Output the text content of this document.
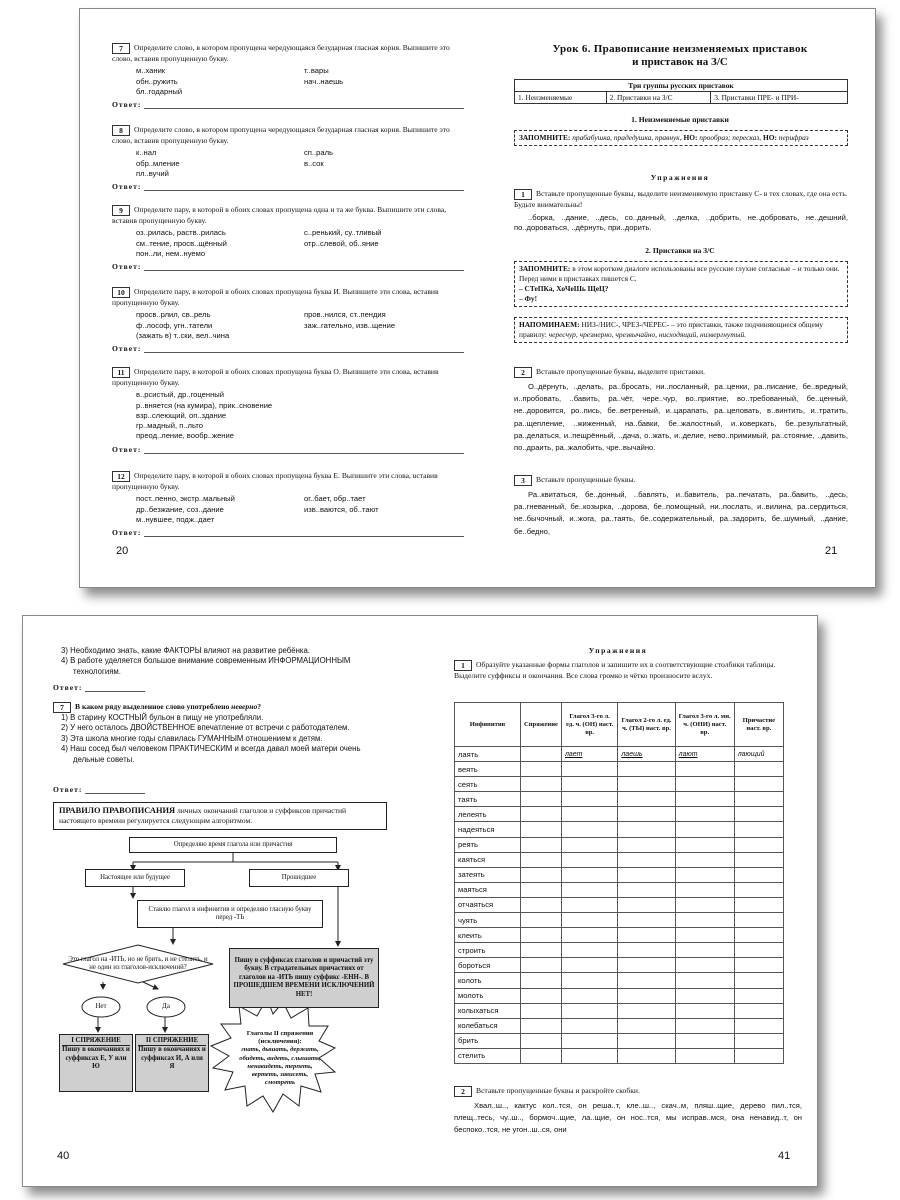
7 Определите слово, в котором пропущена чередующаяся безударная гласная корня. Выпишите это слово, вставив пропущенную букву.
м..ханик	т..вары
обн..ружить	нач..наешь
бл..годарный
Ответ:
8 Определите слово, в котором пропущена чередующаяся безударная гласная корня. Выпишите это слово, вставив пропущенную букву.
к..нал	сп..раль
обр..мление	в..сок
пл..вучий
Ответ:
9 Определите пару, в которой в обоих словах пропущена одна и та же буква. Выпишите эти слова, вставив пропущенную букву.
оз..рилась, раств..рилась	с..ренький, су..тливый
см..тение, просв..щённый	отр..слевой, об..яние
пон..ли, нем..нуемо
Ответ:
10 Определите пару, в которой в обоих словах пропущена буква И. Выпишите эти слова, вставив пропущенную букву.
просв..рлил, св..рель	пров..нился, ст..пендия
ф..лософ, угн..татели	заж..гательно, изв..щение
(зажать в) т..ски, вел..чина
Ответ:
11 Определите пару, в которой в обоих словах пропущена буква О. Выпишите эти слова, вставив пропущенную букву.
в..рсистый, др..гоценный
р..вняется (на кумира), прик..сновение
взр..слеющий, оп..здание
гр..мадный, п..льто
преод..ление, вообр..жение
Ответ:
12 Определите пару, в которой в обоих словах пропущена буква Е. Выпишите эти слова, вставив пропущенную букву.
пост..пенно, экстр..мальный	ог..бает, обр..тает
др..безжание, соз..дание	изв..ваются, об..тают
м..нувшее, подж..дает
Ответ:
20
Урок 6. Правописание неизменяемых приставок
и приставок на З/С
Три группы русских приставок
1. Неизменяемые	2. Приставки на З/С	3. Приставки ПРЕ- и ПРИ-
1. Неизменяемые приставки
ЗАПОМНИТЕ: прабабушка, прадедушка, правнук, НО: прообраз; пересказ, НО: перифраз
Упражнения
1 Вставьте пропущенные буквы, выделите неизменяемую приставку С- в тех словах, где она есть. Будьте внимательны!
..борка, ..дание, ..десь, со..данный, ..делка, ..добрить, не..добровать, не..дешний, по..дороваться, ..дёрнуть, при..дорить.
2. Приставки на З/С
ЗАПОМНИТЕ: в этом коротком диалоге использованы все русские глухие согласные – и только они. Перед ними в приставках пишется С.
– СТеПКа, ХоЧеШь ЩеЦ?
– Фу!
НАПОМИНАЕМ: НИЗ-/НИС-, ЧРЕЗ-/ЧЕРЕС- – это приставки, также подчиняющиеся общему правилу: чересчур, чрезмерно, чрезвычайно, нисходящий, низвергнутый.
2 Вставьте пропущенные буквы, выделите приставки.
О..дёрнуть, ..делать, ра..бросать, ни..посланный, ра..ценки, ра..писание, бе..вредный, и..пробовать, ..бавить, ра..чёт, чере..чур, во..приятие, во..требованный, бе..ценный, не..доровится, ро..пись, бе..ветренный, и..царапать, ра..целовать, в..винтить, и..тратить, ра..щепление, ..жиженный, на..бавки, бе..жалостный, и..коверкать, бе..результатный, ра..делаться, и..пещрённый, ..дача, о..жать, и..делие, нево..примимый, ра..стояние, ..давить, по..драить, ра..жалобить, чре..вычайно.
3 Вставьте пропущенные буквы.
Ра..квитаться, бе..донный, ..бавлять, и..бавитель, ра..печатать, ра..бавить, ..десь, ра..гневанный, бе..козырка, ..дорова, бе..помощный, ни..послать, и..вилина, ра..сердиться, не..бычочный, и..жога, ра..таять, бе..содержательный, ра..задорить, бе..шумный, ..дание, бе..бедно,
21
3) Необходимо знать, какие ФАКТОРЫ влияют на развитие ребёнка.
4) В работе уделяется большое внимание современным ИНФОРМАЦИОННЫМ технологиям.
Ответ:
7 В каком ряду выделенное слово употреблено неверно?
1) В старину КОСТНЫЙ бульон в пищу не употребляли.
2) У него осталось ДВОЙСТВЕННОЕ впечатление от встречи с работодателем.
3) Эта школа многие годы славилась ГУМАННЫМ отношением к детям.
4) Наш сосед был человеком ПРАКТИЧЕСКИМ и всегда давал моей матери очень дельные советы.
Ответ:
ПРАВИЛО ПРАВОПИСАНИЯ личных окончаний глаголов и суффиксов причастий настоящего времени регулируется следующим алгоритмом.
Определяю время глагола или причастия
Настоящее или будущее	Прошедшее
Ставлю глагол в инфинитив и определяю гласную букву перед -ТЬ
Это глагол на -ИТЬ, но не брить, и не стелить, и не один из глаголов-исключений?
Пишу в суффиксах глаголов и причастий эту букву. В страдательных причастиях от глаголов на -ИТЬ пишу суффикс -ЕНН-. В ПРОШЕДШЕМ ВРЕМЕНИ ИСКЛЮЧЕНИЙ НЕТ!
Нет	Да
I СПРЯЖЕНИЕ
Пишу в окончаниях и суффиксах Е, У или Ю
II СПРЯЖЕНИЕ
Пишу в окончаниях и суффиксах И, А или Я
Глаголы II спряжения (исключения):
гнать, дышать, держать, обидеть, видеть, слышать, ненавидеть, терпеть, вертеть, зависеть, смотреть
40
Упражнения
1 Образуйте указанные формы глаголов и запишите их в соответствующие столбики таблицы. Выделите суффиксы и окончания. Все слова громко и чётко произносите вслух.
Инфинитив	Спряжение	Глагол 3-го л. ед. ч. (ОН) наст. вр.	Глагол 2-го л. ед. ч. (ТЫ) наст. вр.	Глагол 3-го л. мн. ч. (ОНИ) наст. вр.	Причастие наст. вр.
лаять		лает	лаешь	лают	лающий
веять					
сеять					
таять					
лелеять					
надеяться					
реять					
каяться					
затеять					
маяться					
отчаяться					
чуять					
клеить					
строить					
бороться					
колоть					
молоть					
колыхаться					
колебаться					
брить					
стелить					
2 Вставьте пропущенные буквы и раскройте скобки.
Хвал..ш.., кактус кол..тся, он реша..т, кле..ш.., скач..м, пляш..щие, дерево пил..тся, плещ..тесь, чу..ш.., бормоч..щие, ла..щие, он нос..тся, мы исправ..мся, она ненавид..т, он беспоко..тся, не угон..ш..ся, они
41
